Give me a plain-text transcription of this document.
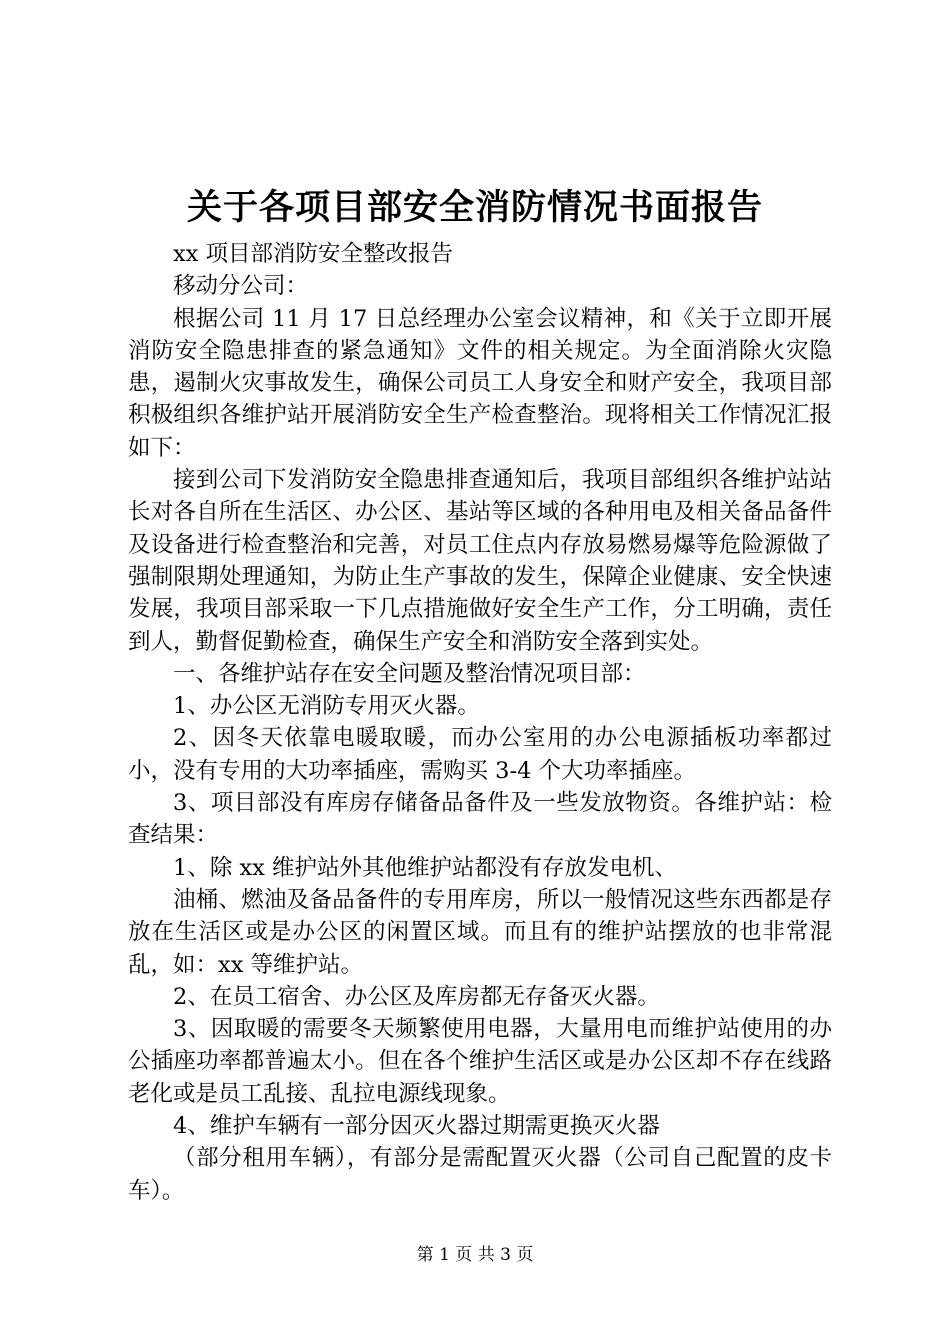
关于各项目部安全消防情况书面报告

xx 项目部消防安全整改报告

移动分公司：

根据公司 11 月 17 日总经理办公室会议精神，和《关于立即开展消防安全隐患排查的紧急通知》文件的相关规定。为全面消除火灾隐患，遏制火灾事故发生，确保公司员工人身安全和财产安全，我项目部积极组织各维护站开展消防安全生产检查整治。现将相关工作情况汇报如下：

接到公司下发消防安全隐患排查通知后，我项目部组织各维护站站长对各自所在生活区、办公区、基站等区域的各种用电及相关备品备件及设备进行检查整治和完善，对员工住点内存放易燃易爆等危险源做了强制限期处理通知，为防止生产事故的发生，保障企业健康、安全快速发展，我项目部采取一下几点措施做好安全生产工作，分工明确，责任到人，勤督促勤检查，确保生产安全和消防安全落到实处。

一、各维护站存在安全问题及整治情况项目部：

1、办公区无消防专用灭火器。

2、因冬天依靠电暖取暖，而办公室用的办公电源插板功率都过小，没有专用的大功率插座，需购买 3-4 个大功率插座。

3、项目部没有库房存储备品备件及一些发放物资。各维护站：检查结果：

1、除 xx 维护站外其他维护站都没有存放发电机、

油桶、燃油及备品备件的专用库房，所以一般情况这些东西都是存放在生活区或是办公区的闲置区域。而且有的维护站摆放的也非常混乱，如：xx 等维护站。

2、在员工宿舍、办公区及库房都无存备灭火器。

3、因取暖的需要冬天频繁使用电器，大量用电而维护站使用的办公插座功率都普遍太小。但在各个维护生活区或是办公区却不存在线路老化或是员工乱接、乱拉电源线现象。

4、维护车辆有一部分因灭火器过期需更换灭火器

（部分租用车辆），有部分是需配置灭火器（公司自己配置的皮卡车）。

第 1 页 共 3 页
